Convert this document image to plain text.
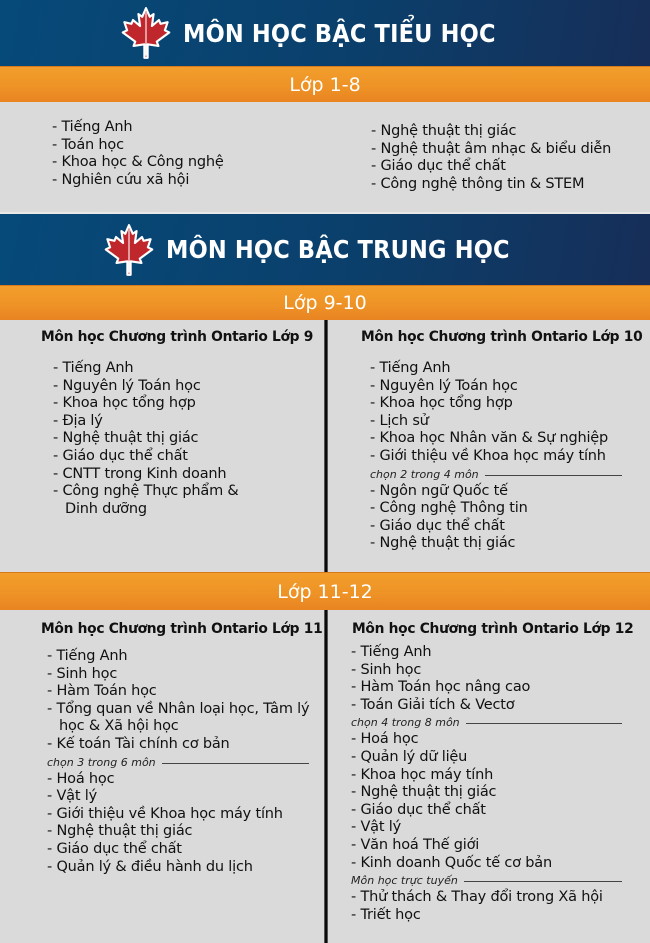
MÔN HỌC BẬC TIỂU HỌC
Lớp 1-8
- Tiếng Anh
- Toán học
- Khoa học & Công nghệ
- Nghiên cứu xã hội
- Nghệ thuật thị giác
- Nghệ thuật âm nhạc & biểu diễn
- Giáo dục thể chất
- Công nghệ thông tin & STEM
MÔN HỌC BẬC TRUNG HỌC
Lớp 9-10
Môn học Chương trình Ontario Lớp 9
- Tiếng Anh
- Nguyên lý Toán học
- Khoa học tổng hợp
- Địa lý
- Nghệ thuật thị giác
- Giáo dục thể chất
- CNTT trong Kinh doanh
- Công nghệ Thực phẩm &
Dinh dưỡng
Môn học Chương trình Ontario Lớp 10
- Tiếng Anh
- Nguyên lý Toán học
- Khoa học tổng hợp
- Lịch sử
- Khoa học Nhân văn & Sự nghiệp
- Giới thiệu về Khoa học máy tính
chọn 2 trong 4 môn
- Ngôn ngữ Quốc tế
- Công nghệ Thông tin
- Giáo dục thể chất
- Nghệ thuật thị giác
Lớp 11-12
Môn học Chương trình Ontario Lớp 11
- Tiếng Anh
- Sinh học
- Hàm Toán học
- Tổng quan về Nhân loại học, Tâm lý
học & Xã hội học
- Kế toán Tài chính cơ bản
chọn 3 trong 6 môn
- Hoá học
- Vật lý
- Giới thiệu về Khoa học máy tính
- Nghệ thuật thị giác
- Giáo dục thể chất
- Quản lý & điều hành du lịch
Môn học Chương trình Ontario Lớp 12
- Tiếng Anh
- Sinh học
- Hàm Toán học nâng cao
- Toán Giải tích & Vectơ
chọn 4 trong 8 môn
- Hoá học
- Quản lý dữ liệu
- Khoa học máy tính
- Nghệ thuật thị giác
- Giáo dục thể chất
- Vật lý
- Văn hoá Thế giới
- Kinh doanh Quốc tế cơ bản
Môn học trực tuyến
- Thử thách & Thay đổi trong Xã hội
- Triết học
